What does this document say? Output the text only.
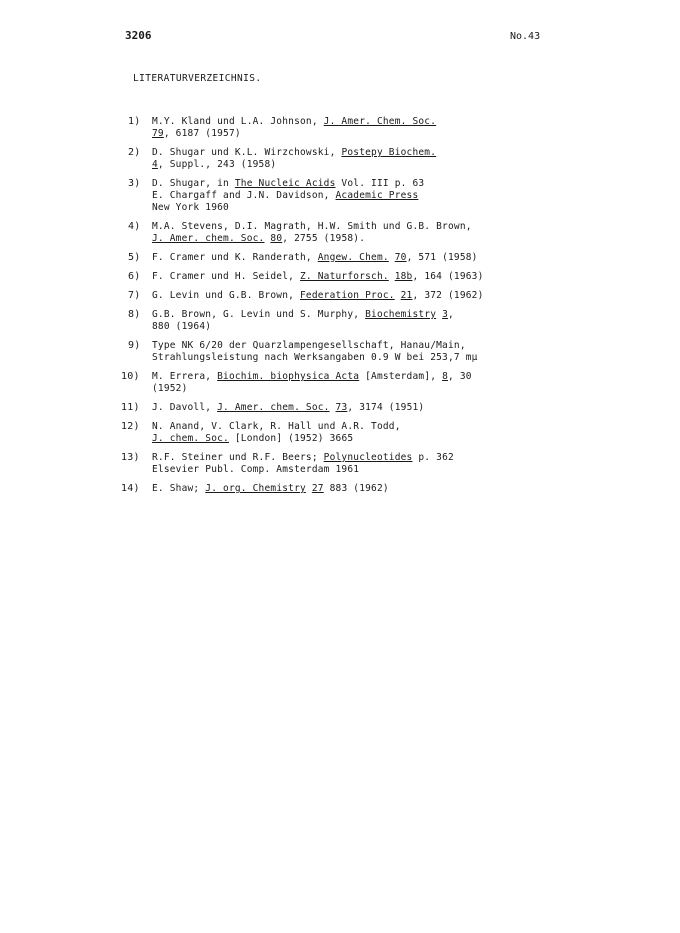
3206	No.43
LITERATURVERZEICHNIS.
1) M.Y. Kland und L.A. Johnson, J. Amer. Chem. Soc.
79, 6187 (1957)
2) D. Shugar und K.L. Wirzchowski, Postepy Biochem.
4, Suppl., 243 (1958)
3) D. Shugar, in The Nucleic Acids Vol. III p. 63
E. Chargaff and J.N. Davidson, Academic Press
New York 1960
4) M.A. Stevens, D.I. Magrath, H.W. Smith und G.B. Brown,
J. Amer. chem. Soc. 80, 2755 (1958).
5) F. Cramer und K. Randerath, Angew. Chem. 70, 571 (1958)
6) F. Cramer und H. Seidel, Z. Naturforsch. 18b, 164 (1963)
7) G. Levin und G.B. Brown, Federation Proc. 21, 372 (1962)
8) G.B. Brown, G. Levin und S. Murphy, Biochemistry 3,
880 (1964)
9) Type NK 6/20 der Quarzlampengesellschaft, Hanau/Main,
Strahlungsleistung nach Werksangaben 0.9 W bei 253,7 mμ
10) M. Errera, Biochim. biophysica Acta [Amsterdam], 8, 30
(1952)
11) J. Davoll, J. Amer. chem. Soc. 73, 3174 (1951)
12) N. Anand, V. Clark, R. Hall und A.R. Todd,
J. chem. Soc. [London] (1952) 3665
13) R.F. Steiner und R.F. Beers; Polynucleotides p. 362
Elsevier Publ. Comp. Amsterdam 1961
14) E. Shaw; J. org. Chemistry 27 883 (1962)
